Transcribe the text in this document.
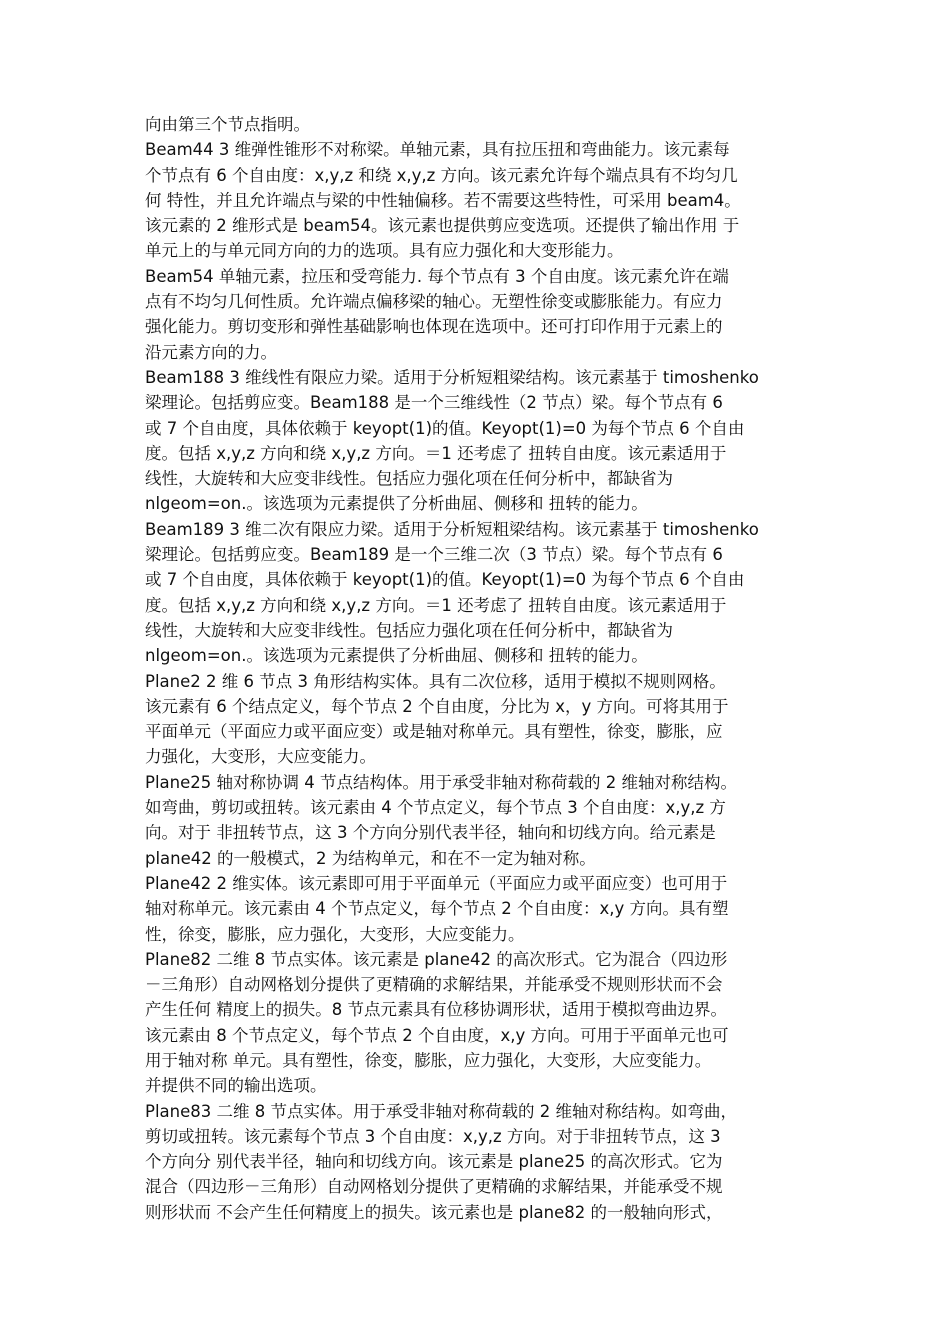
向由第三个节点指明。
Beam44 3 维弹性锥形不对称梁。单轴元素，具有拉压扭和弯曲能力。该元素每
个节点有 6 个自由度：x,y,z 和绕 x,y,z 方向。该元素允许每个端点具有不均匀几
何 特性，并且允许端点与梁的中性轴偏移。若不需要这些特性，可采用 beam4。
该元素的 2 维形式是 beam54。该元素也提供剪应变选项。还提供了输出作用 于
单元上的与单元同方向的力的选项。具有应力强化和大变形能力。
Beam54 单轴元素，拉压和受弯能力. 每个节点有 3 个自由度。该元素允许在端
点有不均匀几何性质。允许端点偏移梁的轴心。无塑性徐变或膨胀能力。有应力
强化能力。剪切变形和弹性基础影响也体现在选项中。还可打印作用于元素上的
沿元素方向的力。
Beam188 3 维线性有限应力梁。适用于分析短粗梁结构。该元素基于 timoshenko
梁理论。包括剪应变。Beam188 是一个三维线性（2 节点）梁。每个节点有 6
或 7 个自由度，具体依赖于 keyopt(1)的值。Keyopt(1)=0 为每个节点 6 个自由
度。包括 x,y,z 方向和绕 x,y,z 方向。＝1 还考虑了 扭转自由度。该元素适用于
线性，大旋转和大应变非线性。包括应力强化项在任何分析中，都缺省为
nlgeom=on.。该选项为元素提供了分析曲屈、侧移和 扭转的能力。
Beam189 3 维二次有限应力梁。适用于分析短粗梁结构。该元素基于 timoshenko
梁理论。包括剪应变。Beam189 是一个三维二次（3 节点）梁。每个节点有 6
或 7 个自由度，具体依赖于 keyopt(1)的值。Keyopt(1)=0 为每个节点 6 个自由
度。包括 x,y,z 方向和绕 x,y,z 方向。＝1 还考虑了 扭转自由度。该元素适用于
线性，大旋转和大应变非线性。包括应力强化项在任何分析中，都缺省为
nlgeom=on.。该选项为元素提供了分析曲屈、侧移和 扭转的能力。
Plane2 2 维 6 节点 3 角形结构实体。具有二次位移，适用于模拟不规则网格。
该元素有 6 个结点定义，每个节点 2 个自由度，分比为 x，y 方向。可将其用于
平面单元（平面应力或平面应变）或是轴对称单元。具有塑性，徐变，膨胀，应
力强化，大变形，大应变能力。
Plane25 轴对称协调 4 节点结构体。用于承受非轴对称荷载的 2 维轴对称结构。
如弯曲，剪切或扭转。该元素由 4 个节点定义，每个节点 3 个自由度：x,y,z 方
向。对于 非扭转节点，这 3 个方向分别代表半径，轴向和切线方向。给元素是
plane42 的一般模式，2 为结构单元，和在不一定为轴对称。
Plane42 2 维实体。该元素即可用于平面单元（平面应力或平面应变）也可用于
轴对称单元。该元素由 4 个节点定义，每个节点 2 个自由度：x,y 方向。具有塑
性，徐变，膨胀，应力强化，大变形，大应变能力。
Plane82 二维 8 节点实体。该元素是 plane42 的高次形式。它为混合（四边形
－三角形）自动网格划分提供了更精确的求解结果，并能承受不规则形状而不会
产生任何 精度上的损失。8 节点元素具有位移协调形状，适用于模拟弯曲边界。
该元素由 8 个节点定义，每个节点 2 个自由度，x,y 方向。可用于平面单元也可
用于轴对称 单元。具有塑性，徐变，膨胀，应力强化，大变形，大应变能力。
并提供不同的输出选项。
Plane83 二维 8 节点实体。用于承受非轴对称荷载的 2 维轴对称结构。如弯曲，
剪切或扭转。该元素每个节点 3 个自由度：x,y,z 方向。对于非扭转节点，这 3
个方向分 别代表半径，轴向和切线方向。该元素是 plane25 的高次形式。它为
混合（四边形－三角形）自动网格划分提供了更精确的求解结果，并能承受不规
则形状而 不会产生任何精度上的损失。该元素也是 plane82 的一般轴向形式，
